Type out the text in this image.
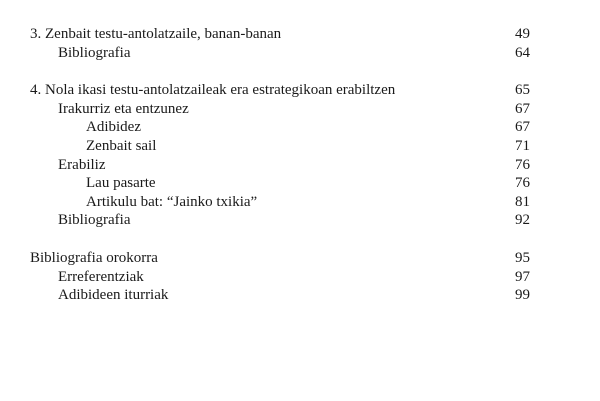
3. Zenbait testu-antolatzaile, banan-banan	49
Bibliografia	64
4. Nola ikasi testu-antolatzaileak era estrategikoan erabiltzen	65
Irakurriz eta entzunez	67
Adibidez	67
Zenbait sail	71
Erabiliz	76
Lau pasarte	76
Artikulu bat: “Jainko txikia”	81
Bibliografia	92
Bibliografia orokorra	95
Erreferentziak	97
Adibideen iturriak	99
